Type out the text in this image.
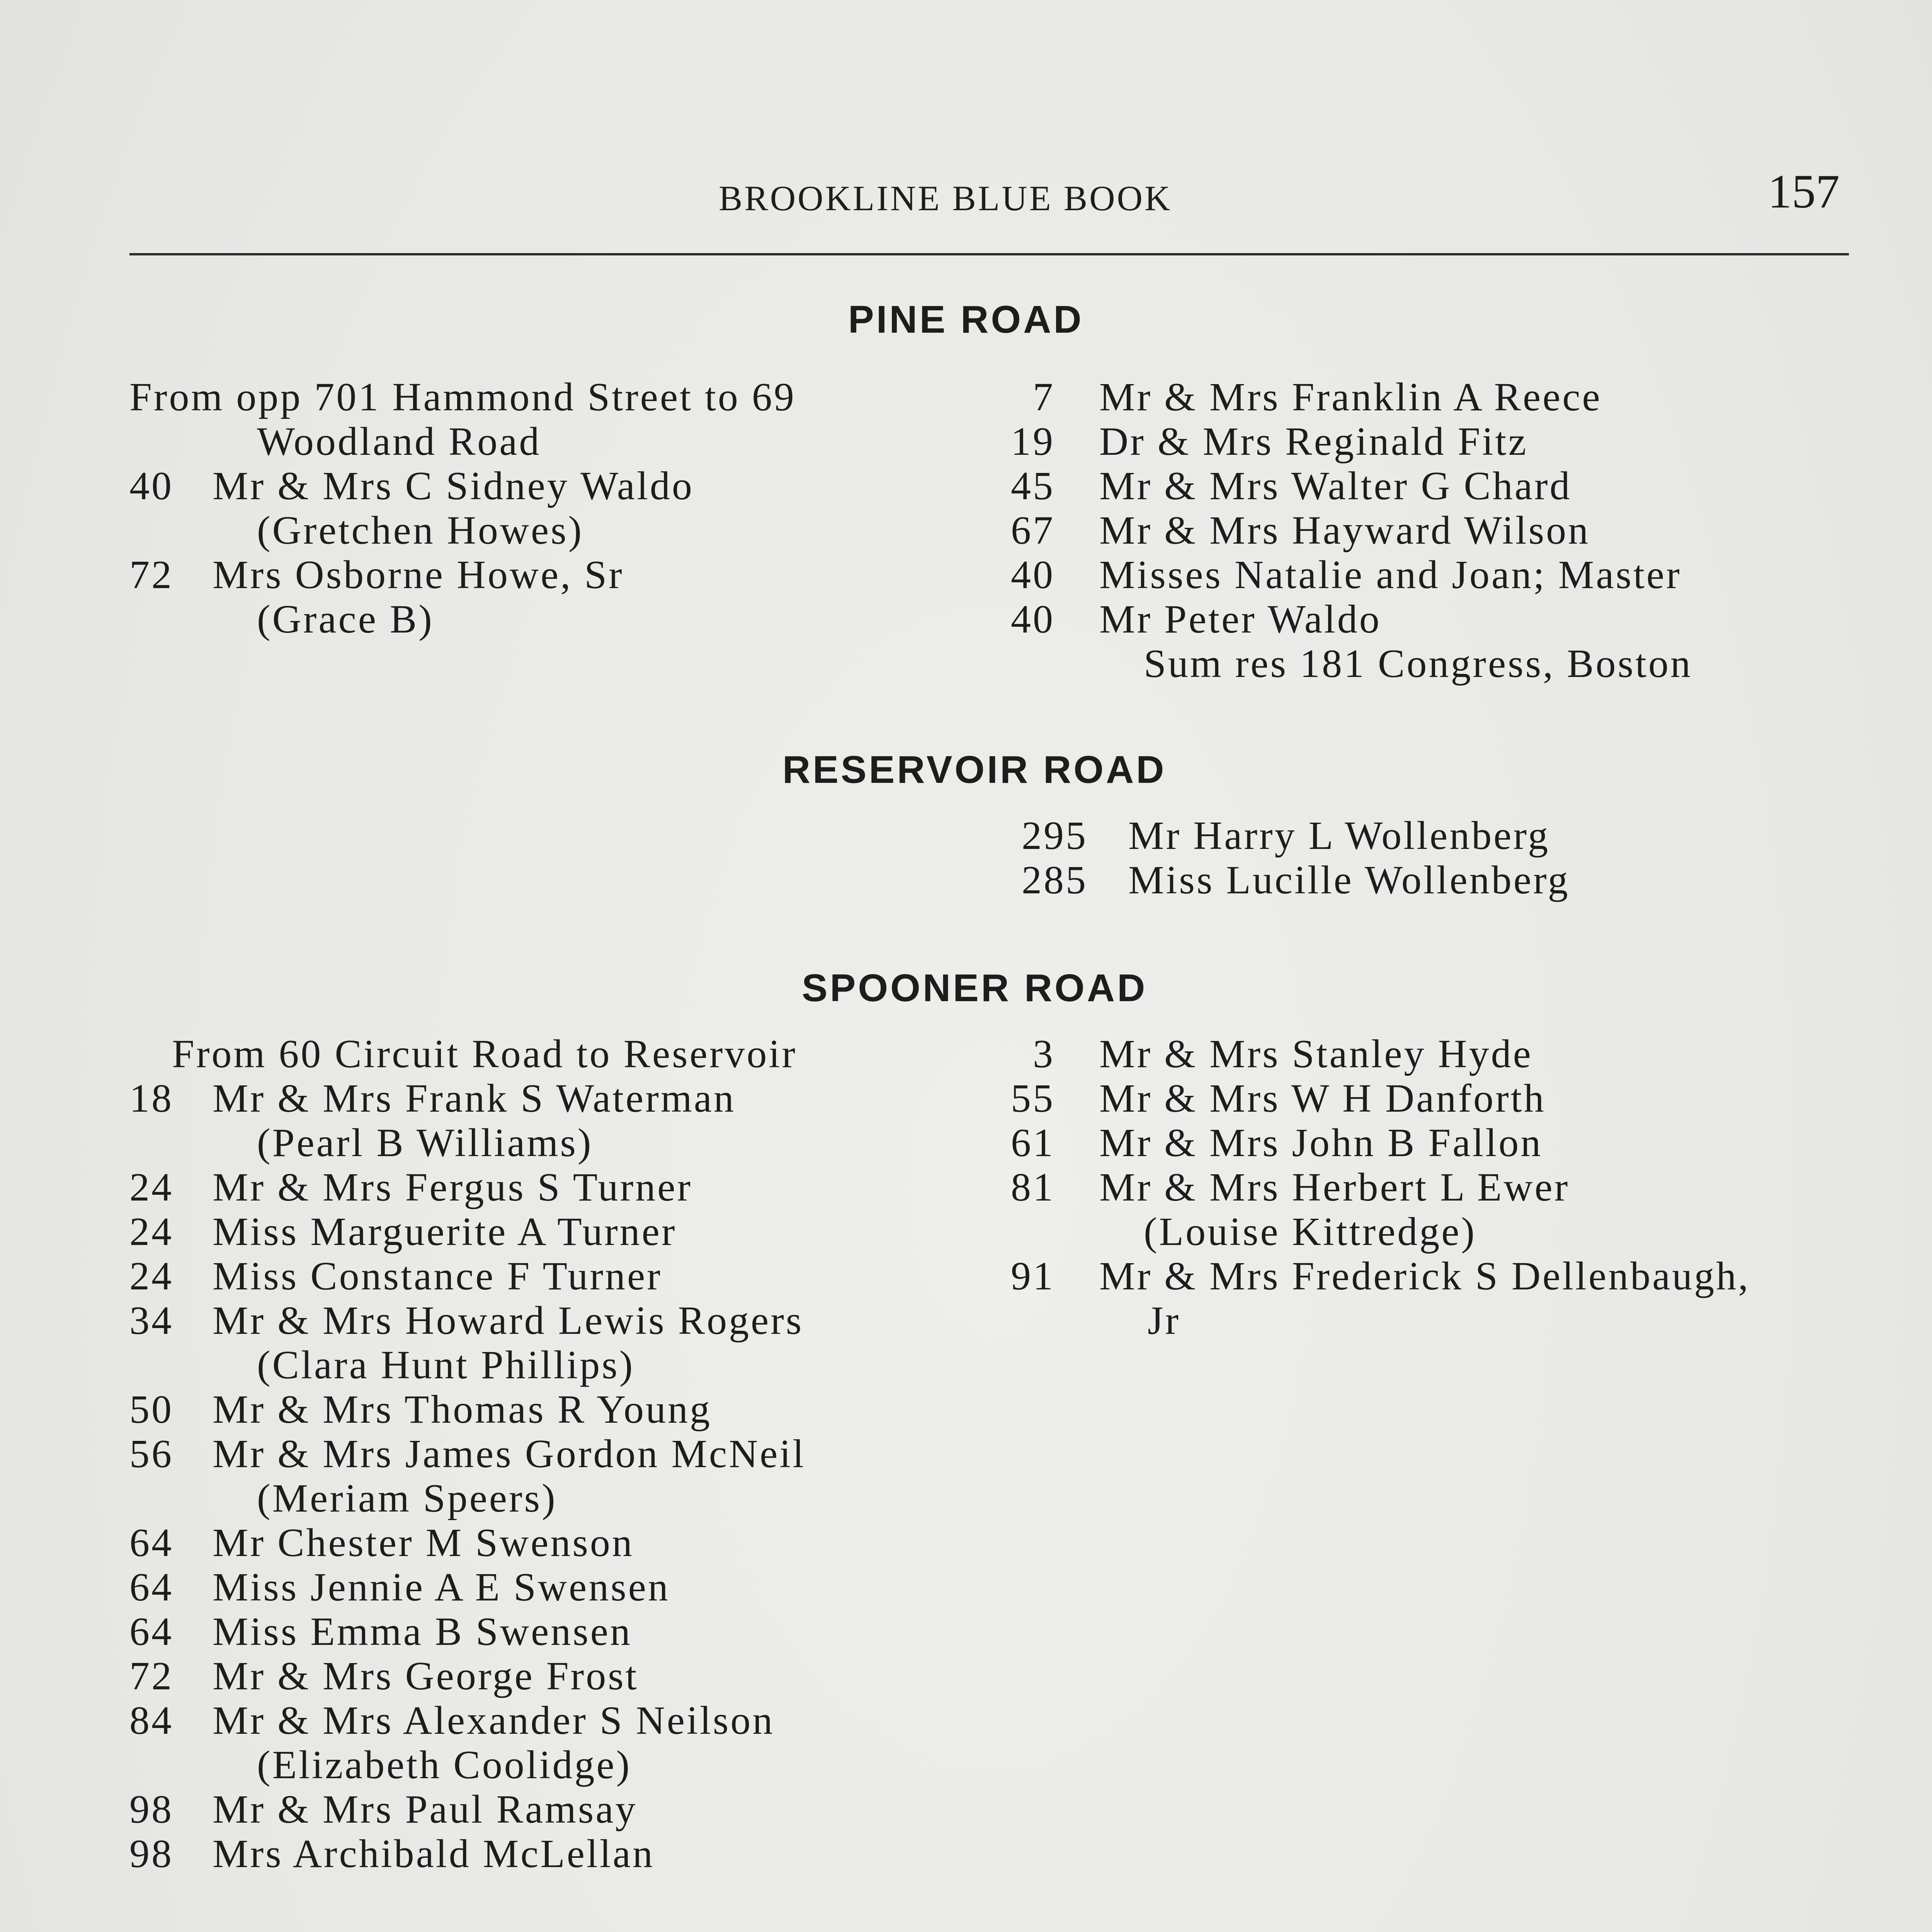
BROOKLINE BLUE BOOK	157
PINE ROAD
From opp 701 Hammond Street to 69
Woodland Road
40 Mr & Mrs C Sidney Waldo
(Gretchen Howes)
72 Mrs Osborne Howe, Sr
(Grace B)
7 Mr & Mrs Franklin A Reece
19 Dr & Mrs Reginald Fitz
45 Mr & Mrs Walter G Chard
67 Mr & Mrs Hayward Wilson
40 Misses Natalie and Joan; Master
40 Mr Peter Waldo
Sum res 181 Congress, Boston
RESERVOIR ROAD
295 Mr Harry L Wollenberg
285 Miss Lucille Wollenberg
SPOONER ROAD
From 60 Circuit Road to Reservoir
18 Mr & Mrs Frank S Waterman
(Pearl B Williams)
24 Mr & Mrs Fergus S Turner
24 Miss Marguerite A Turner
24 Miss Constance F Turner
34 Mr & Mrs Howard Lewis Rogers
(Clara Hunt Phillips)
50 Mr & Mrs Thomas R Young
56 Mr & Mrs James Gordon McNeil
(Meriam Speers)
64 Mr Chester M Swenson
64 Miss Jennie A E Swensen
64 Miss Emma B Swensen
72 Mr & Mrs George Frost
84 Mr & Mrs Alexander S Neilson
(Elizabeth Coolidge)
98 Mr & Mrs Paul Ramsay
98 Mrs Archibald McLellan
3 Mr & Mrs Stanley Hyde
55 Mr & Mrs W H Danforth
61 Mr & Mrs John B Fallon
81 Mr & Mrs Herbert L Ewer
(Louise Kittredge)
91 Mr & Mrs Frederick S Dellenbaugh,
Jr
